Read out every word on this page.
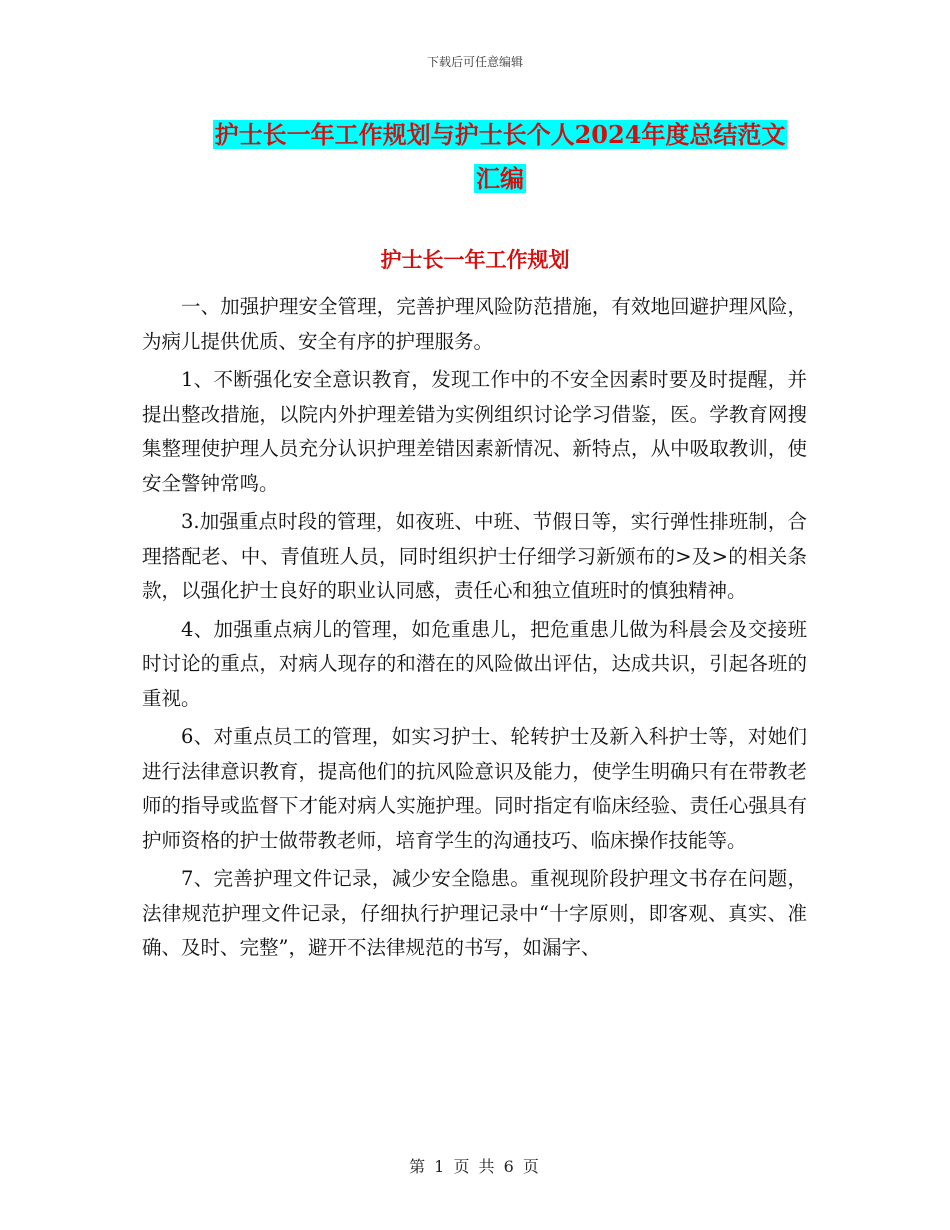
下载后可任意编辑
护士长一年工作规划与护士长个人2024年度总结范文
汇编
护士长一年工作规划

一、加强护理安全管理，完善护理风险防范措施，有效地回避护理风险，为病儿提供优质、安全有序的护理服务。

1、不断强化安全意识教育，发现工作中的不安全因素时要及时提醒，并提出整改措施，以院内外护理差错为实例组织讨论学习借鉴，医。学教育网搜集整理使护理人员充分认识护理差错因素新情况、新特点，从中吸取教训，使安全警钟常鸣。

3.加强重点时段的管理，如夜班、中班、节假日等，实行弹性排班制，合理搭配老、中、青值班人员，同时组织护士仔细学习新颁布的>及>的相关条款，以强化护士良好的职业认同感，责任心和独立值班时的慎独精神。

4、加强重点病儿的管理，如危重患儿，把危重患儿做为科晨会及交接班时讨论的重点，对病人现存的和潜在的风险做出评估，达成共识，引起各班的重视。

6、对重点员工的管理，如实习护士、轮转护士及新入科护士等，对她们进行法律意识教育，提高他们的抗风险意识及能力，使学生明确只有在带教老师的指导或监督下才能对病人实施护理。同时指定有临床经验、责任心强具有护师资格的护士做带教老师，培育学生的沟通技巧、临床操作技能等。

7、完善护理文件记录，减少安全隐患。重视现阶段护理文书存在问题，法律规范护理文件记录，仔细执行护理记录中“十字原则，即客观、真实、准确、及时、完整”，避开不法律规范的书写，如漏字、

第 1 页 共 6 页
